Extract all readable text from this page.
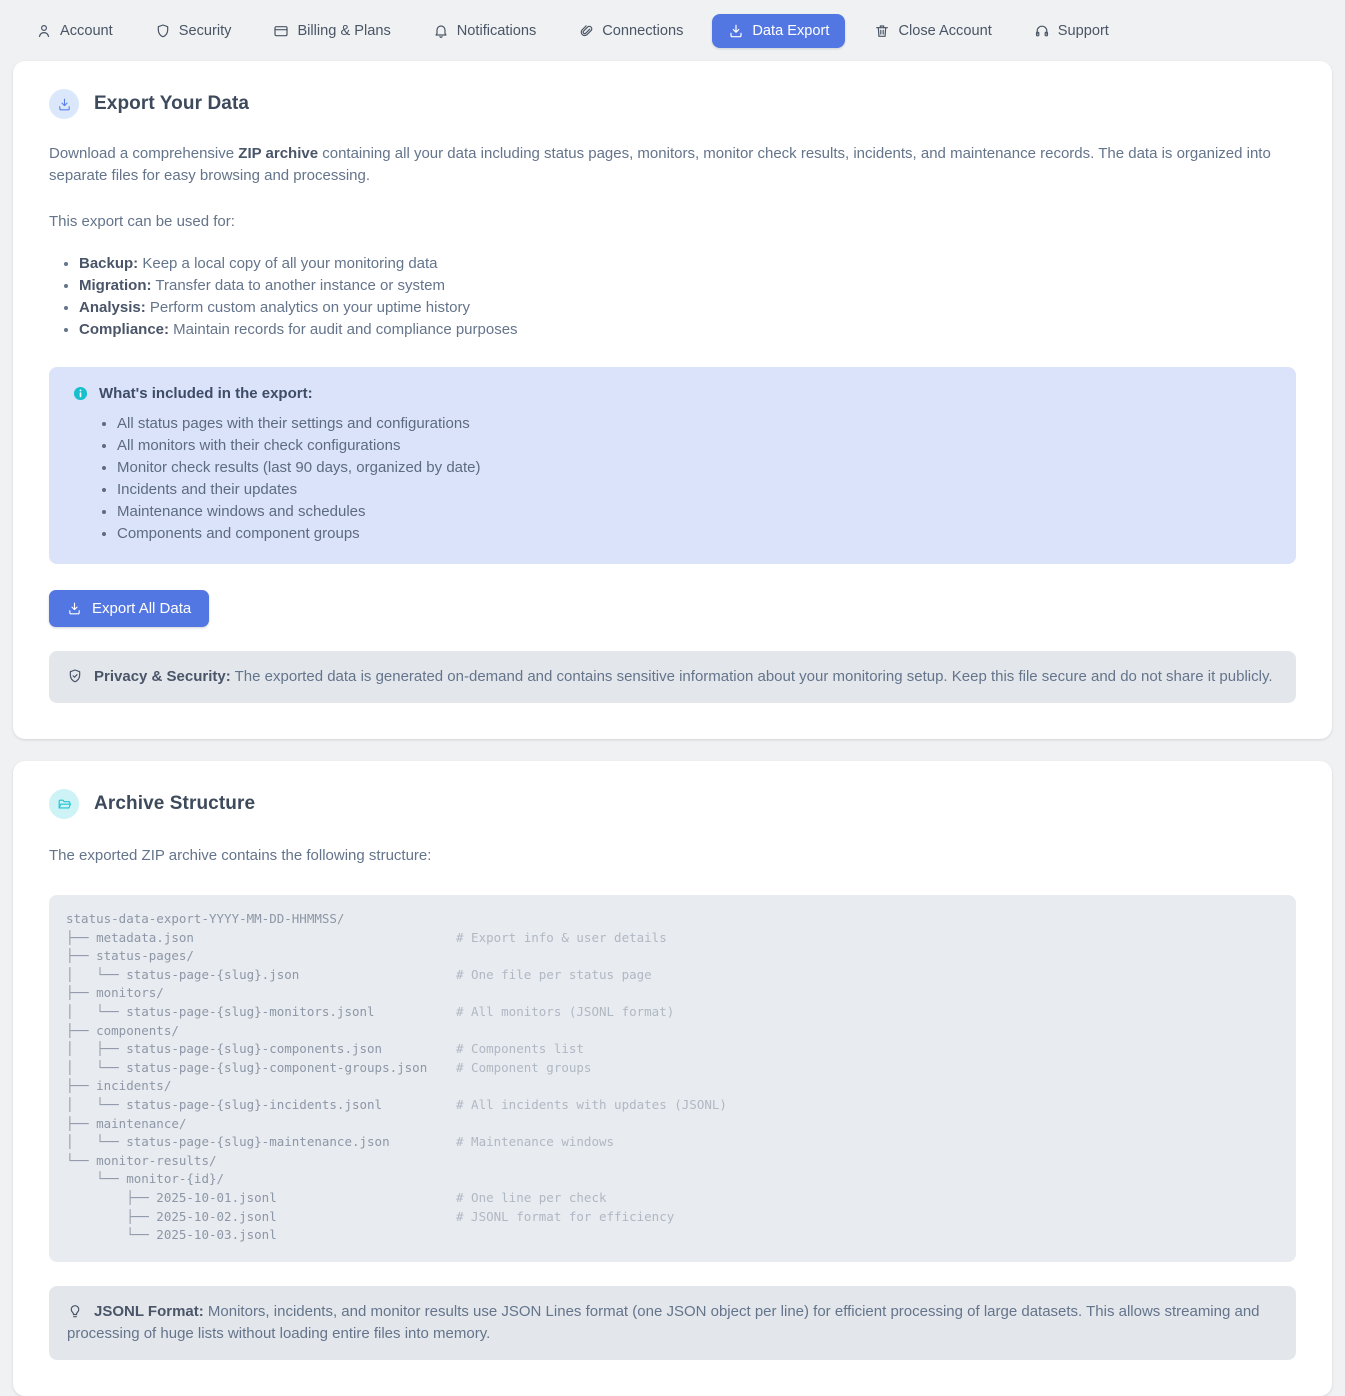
Account	Security	Billing & Plans	Notifications	Connections	Data Export	Close Account	Support
Export Your Data

Download a comprehensive ZIP archive containing all your data including status pages, monitors, monitor check results, incidents, and maintenance records. The data is organized into separate files for easy browsing and processing.

This export can be used for:

• Backup: Keep a local copy of all your monitoring data
• Migration: Transfer data to another instance or system
• Analysis: Perform custom analytics on your uptime history
• Compliance: Maintain records for audit and compliance purposes
What's included in the export:
• All status pages with their settings and configurations
• All monitors with their check configurations
• Monitor check results (last 90 days, organized by date)
• Incidents and their updates
• Maintenance windows and schedules
• Components and component groups
Export All Data
Privacy & Security: The exported data is generated on-demand and contains sensitive information about your monitoring setup. Keep this file secure and do not share it publicly.
Archive Structure

The exported ZIP archive contains the following structure:

status-data-export-YYYY-MM-DD-HHMMSS/
├── metadata.json	# Export info & user details
├── status-pages/
│   └── status-page-{slug}.json	# One file per status page
├── monitors/
│   └── status-page-{slug}-monitors.jsonl	# All monitors (JSONL format)
├── components/
│   ├── status-page-{slug}-components.json	# Components list
│   └── status-page-{slug}-component-groups.json # Component groups
├── incidents/
│   └── status-page-{slug}-incidents.jsonl	# All incidents with updates (JSONL)
├── maintenance/
│   └── status-page-{slug}-maintenance.json	# Maintenance windows
└── monitor-results/
└── monitor-{id}/
├── 2025-10-01.jsonl	# One line per check
├── 2025-10-02.jsonl	# JSONL format for efficiency
└── 2025-10-03.jsonl
JSONL Format: Monitors, incidents, and monitor results use JSON Lines format (one JSON object per line) for efficient processing of large datasets. This allows streaming and processing of huge lists without loading entire files into memory.
